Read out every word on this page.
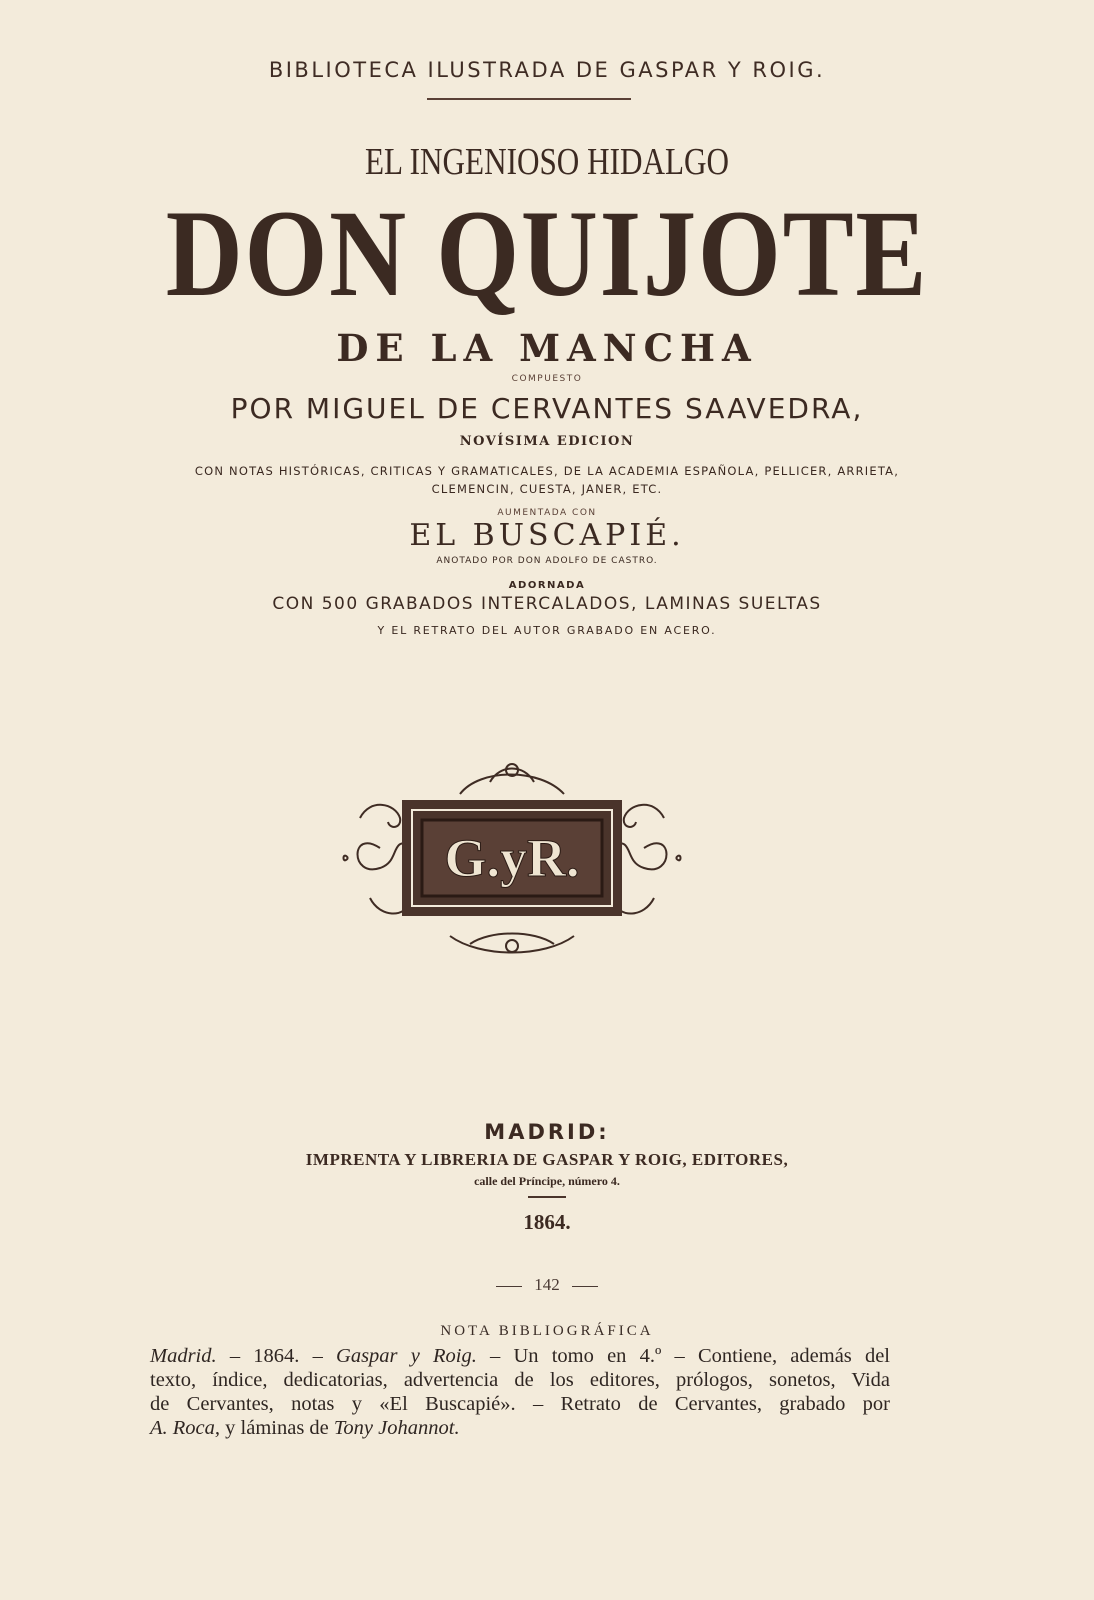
BIBLIOTECA ILUSTRADA DE GASPAR Y ROIG.
EL INGENIOSO HIDALGO
DON QUIJOTE
DE LA MANCHA
COMPUESTO
POR MIGUEL DE CERVANTES SAAVEDRA,
NOVÍSIMA EDICION
CON NOTAS HISTÓRICAS, CRITICAS Y GRAMATICALES, DE LA ACADEMIA ESPAÑOLA, PELLICER, ARRIETA,
CLEMENCIN, CUESTA, JANER, ETC.
AUMENTADA CON
EL BUSCAPIÉ.
ANOTADO POR DON ADOLFO DE CASTRO.
ADORNADA
CON 500 GRABADOS INTERCALADOS, LAMINAS SUELTAS
Y EL RETRATO DEL AUTOR GRABADO EN ACERO.
G.yR.
MADRID:
IMPRENTA Y LIBRERIA DE GASPAR Y ROIG, EDITORES,
calle del Príncipe, número 4.
1864.
142
NOTA BIBLIOGRÁFICA
Madrid. – 1864. – Gaspar y Roig. – Un tomo en 4.º – Contiene, además del
texto, índice, dedicatorias, advertencia de los editores, prólogos, sonetos, Vida
de Cervantes, notas y «El Buscapié». – Retrato de Cervantes, grabado por
A. Roca, y láminas de Tony Johannot.
